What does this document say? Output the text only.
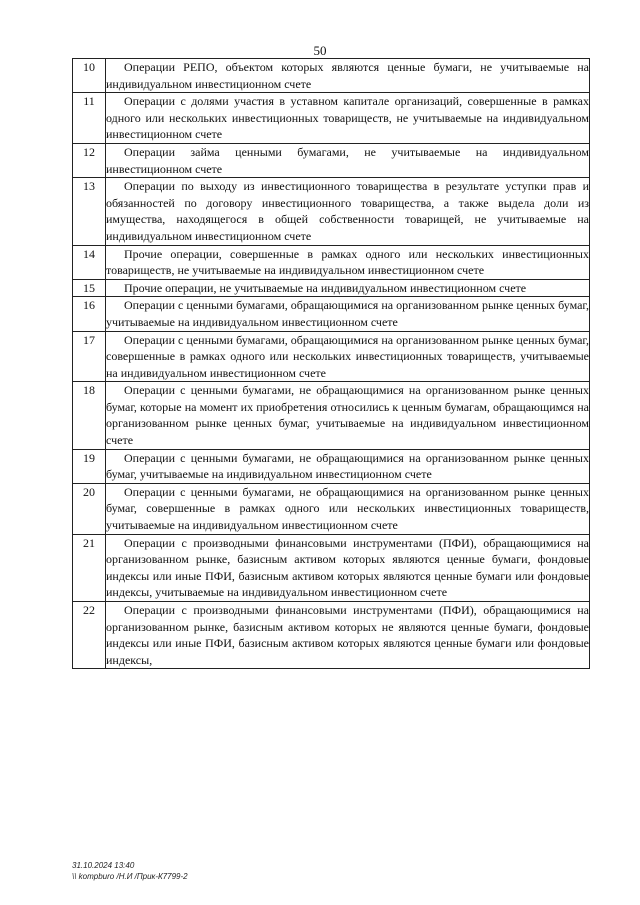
50
10	Операции РЕПО, объектом которых являются ценные бумаги, не учитываемые на индивидуальном инвестиционном счете
11	Операции с долями участия в уставном капитале организаций, совершенные в рамках одного или нескольких инвестиционных товариществ, не учитываемые на индивидуальном инвестиционном счете
12	Операции займа ценными бумагами, не учитываемые на индивидуальном инвестиционном счете
13	Операции по выходу из инвестиционного товарищества в результате уступки прав и обязанностей по договору инвестиционного товарищества, а также выдела доли из имущества, находящегося в общей собственности товарищей, не учитываемые на индивидуальном инвестиционном счете
14	Прочие операции, совершенные в рамках одного или нескольких инвестиционных товариществ, не учитываемые на индивидуальном инвестиционном счете
15	Прочие операции, не учитываемые на индивидуальном инвестиционном счете
16	Операции с ценными бумагами, обращающимися на организованном рынке ценных бумаг, учитываемые на индивидуальном инвестиционном счете
17	Операции с ценными бумагами, обращающимися на организованном рынке ценных бумаг, совершенные в рамках одного или нескольких инвестиционных товариществ, учитываемые на индивидуальном инвестиционном счете
18	Операции с ценными бумагами, не обращающимися на организованном рынке ценных бумаг, которые на момент их приобретения относились к ценным бумагам, обращающимся на организованном рынке ценных бумаг, учитываемые на индивидуальном инвестиционном счете
19	Операции с ценными бумагами, не обращающимися на организованном рынке ценных бумаг, учитываемые на индивидуальном инвестиционном счете
20	Операции с ценными бумагами, не обращающимися на организованном рынке ценных бумаг, совершенные в рамках одного или нескольких инвестиционных товариществ, учитываемые на индивидуальном инвестиционном счете
21	Операции с производными финансовыми инструментами (ПФИ), обращающимися на организованном рынке, базисным активом которых являются ценные бумаги, фондовые индексы или иные ПФИ, базисным активом которых являются ценные бумаги или фондовые индексы, учитываемые на индивидуальном инвестиционном счете
22	Операции с производными финансовыми инструментами (ПФИ), обращающимися на организованном рынке, базисным активом которых не являются ценные бумаги, фондовые индексы или иные ПФИ, базисным активом которых являются ценные бумаги или фондовые индексы,
31.10.2024 13:40
\\ kompburo /Н.И /Прик-К7799-2
